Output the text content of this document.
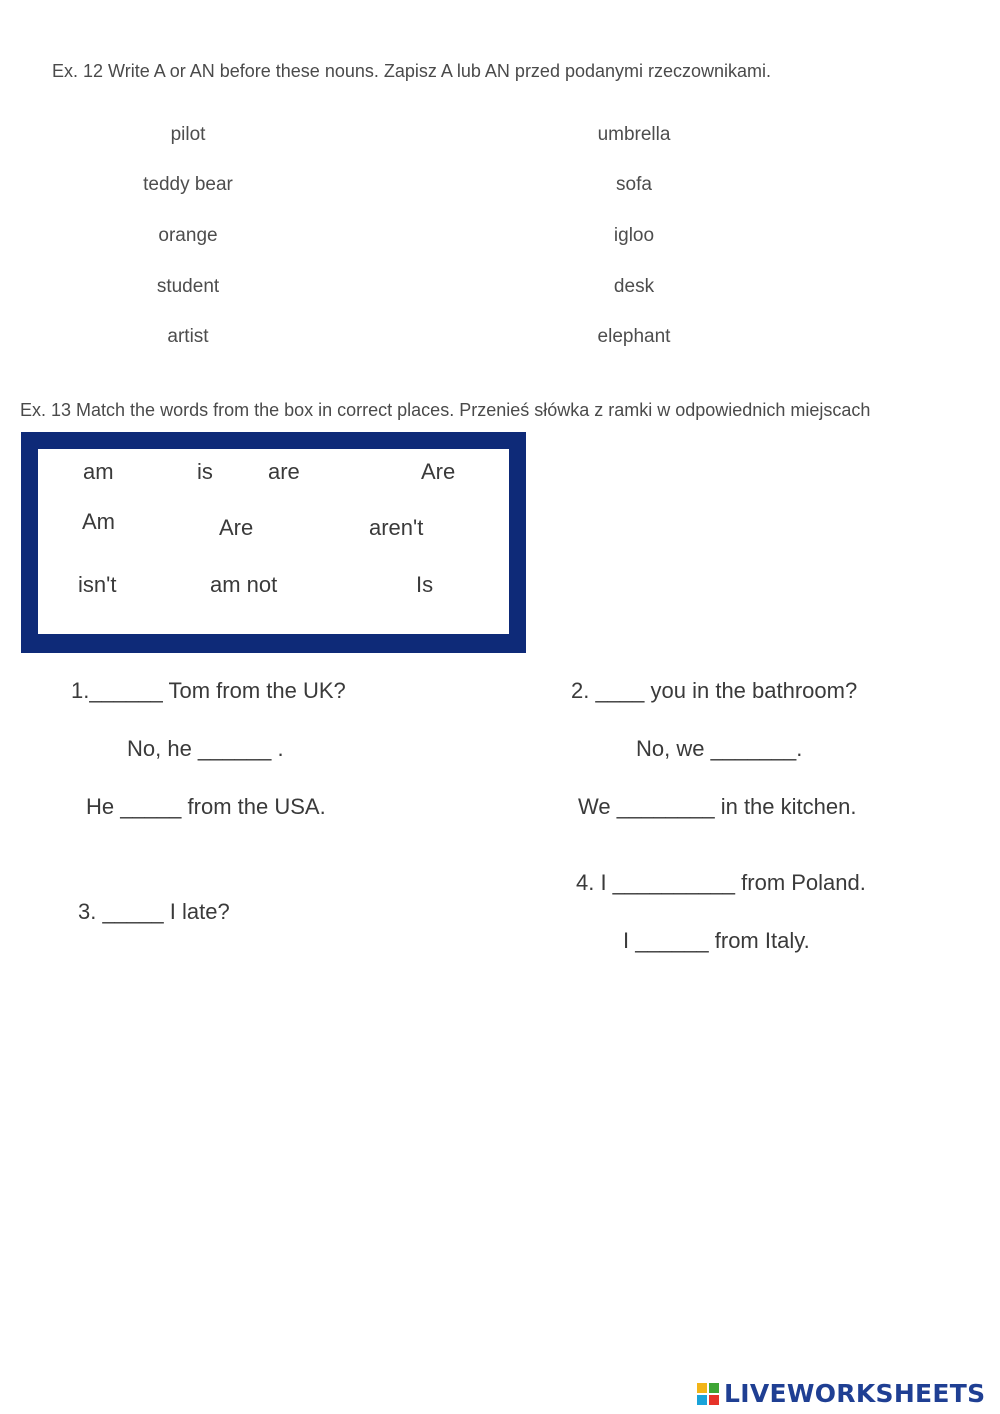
Ex. 12 Write A or AN before these nouns. Zapisz A lub AN przed podanymi rzeczownikami.
pilot
teddy bear
orange
student
artist
umbrella
sofa
igloo
desk
elephant
Ex. 13 Match the words from the box in correct places. Przenieś słówka z ramki w odpowiednich miejscach
am	is	are	Are
Am	Are	aren't
isn't	am not	Is
1.______ Tom from the UK?
No, he ______ .
He _____ from the USA.
2. ____ you in the bathroom?
No, we _______.
We ________ in the kitchen.
3. _____ I late?
4. I __________ from Poland.
I ______ from Italy.
LIVEWORKSHEETS
